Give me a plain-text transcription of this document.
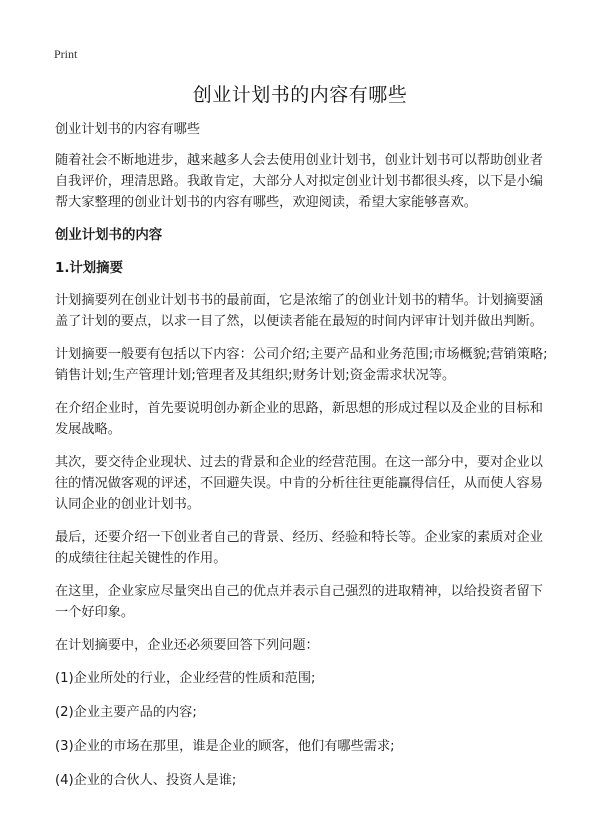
Print
创业计划书的内容有哪些

创业计划书的内容有哪些

随着社会不断地进步，越来越多人会去使用创业计划书，创业计划书可以帮助创业者自我评价，理清思路。我敢肯定，大部分人对拟定创业计划书都很头疼，以下是小编帮大家整理的创业计划书的内容有哪些，欢迎阅读，希望大家能够喜欢。

创业计划书的内容
1.计划摘要

计划摘要列在创业计划书书的最前面，它是浓缩了的创业计划书的精华。计划摘要涵盖了计划的要点，以求一目了然，以便读者能在最短的时间内评审计划并做出判断。

计划摘要一般要有包括以下内容：公司介绍;主要产品和业务范围;市场概貌;营销策略;销售计划;生产管理计划;管理者及其组织;财务计划;资金需求状况等。

在介绍企业时，首先要说明创办新企业的思路，新思想的形成过程以及企业的目标和发展战略。

其次，要交待企业现状、过去的背景和企业的经营范围。在这一部分中，要对企业以往的情况做客观的评述，不回避失误。中肯的分析往往更能赢得信任，从而使人容易认同企业的创业计划书。

最后，还要介绍一下创业者自己的背景、经历、经验和特长等。企业家的素质对企业的成绩往往起关键性的作用。

在这里，企业家应尽量突出自己的优点并表示自己强烈的进取精神，以给投资者留下一个好印象。

在计划摘要中，企业还必须要回答下列问题：

(1)企业所处的行业，企业经营的性质和范围;

(2)企业主要产品的内容;

(3)企业的市场在那里，谁是企业的顾客，他们有哪些需求;

(4)企业的合伙人、投资人是谁;
